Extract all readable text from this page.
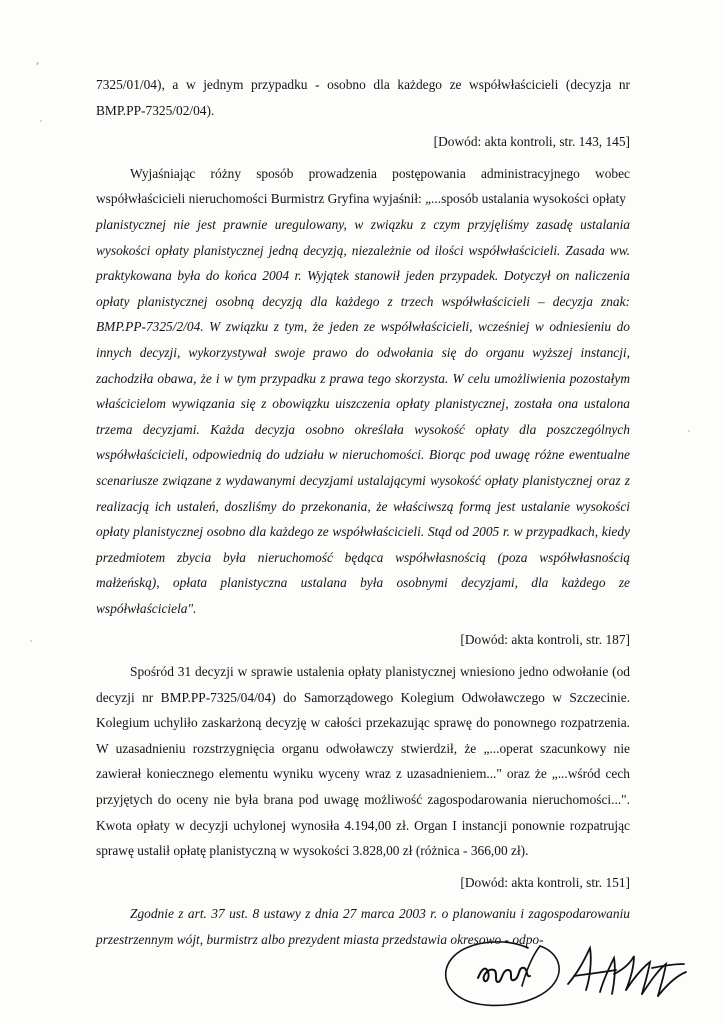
7325/01/04), a w jednym przypadku - osobno dla każdego ze współwłaścicieli (decyzja nr BMP.PP-7325/02/04).

[Dowód: akta kontroli, str. 143, 145]

Wyjaśniając różny sposób prowadzenia postępowania administracyjnego wobec współwłaścicieli nieruchomości Burmistrz Gryfina wyjaśnił: „...sposób ustalania wysokości opłaty

planistycznej nie jest prawnie uregulowany, w związku z czym przyjęliśmy zasadę ustalania wysokości opłaty planistycznej jedną decyzją, niezależnie od ilości współwłaścicieli. Zasada ww. praktykowana była do końca 2004 r. Wyjątek stanowił jeden przypadek. Dotyczył on naliczenia opłaty planistycznej osobną decyzją dla każdego z trzech współwłaścicieli – decyzja znak: BMP.PP-7325/2/04. W związku z tym, że jeden ze współwłaścicieli, wcześniej w odniesieniu do innych decyzji, wykorzystywał swoje prawo do odwołania się do organu wyższej instancji, zachodziła obawa, że i w tym przypadku z prawa tego skorzysta. W celu umożliwienia pozostałym właścicielom wywiązania się z obowiązku uiszczenia opłaty planistycznej, została ona ustalona trzema decyzjami. Każda decyzja osobno określała wysokość opłaty dla poszczególnych współwłaścicieli, odpowiednią do udziału w nieruchomości. Biorąc pod uwagę różne ewentualne scenariusze związane z wydawanymi decyzjami ustalającymi wysokość opłaty planistycznej oraz z realizacją ich ustaleń, doszliśmy do przekonania, że właściwszą formą jest ustalanie wysokości opłaty planistycznej osobno dla każdego ze współwłaścicieli. Stąd od 2005 r. w przypadkach, kiedy przedmiotem zbycia była nieruchomość będąca współwłasnością (poza współwłasnością małżeńską), opłata planistyczna ustalana była osobnymi decyzjami, dla każdego ze współwłaściciela".

[Dowód: akta kontroli, str. 187]

Spośród 31 decyzji w sprawie ustalenia opłaty planistycznej wniesiono jedno odwołanie (od decyzji nr BMP.PP-7325/04/04) do Samorządowego Kolegium Odwoławczego w Szczecinie. Kolegium uchyliło zaskarżoną decyzję w całości przekazując sprawę do ponownego rozpatrzenia. W uzasadnieniu rozstrzygnięcia organu odwoławczy stwierdził, że „...operat szacunkowy nie zawierał koniecznego elementu wyniku wyceny wraz z uzasadnieniem..." oraz że „...wśród cech przyjętych do oceny nie była brana pod uwagę możliwość zagospodarowania nieruchomości...". Kwota opłaty w decyzji uchylonej wynosiła 4.194,00 zł. Organ I instancji ponownie rozpatrując sprawę ustalił opłatę planistyczną w wysokości 3.828,00 zł (różnica - 366,00 zł).

[Dowód: akta kontroli, str. 151]

Zgodnie z art. 37 ust. 8 ustawy z dnia 27 marca 2003 r. o planowaniu i zagospodarowaniu przestrzennym wójt, burmistrz albo prezydent miasta przedstawia okresowo - odpo-
